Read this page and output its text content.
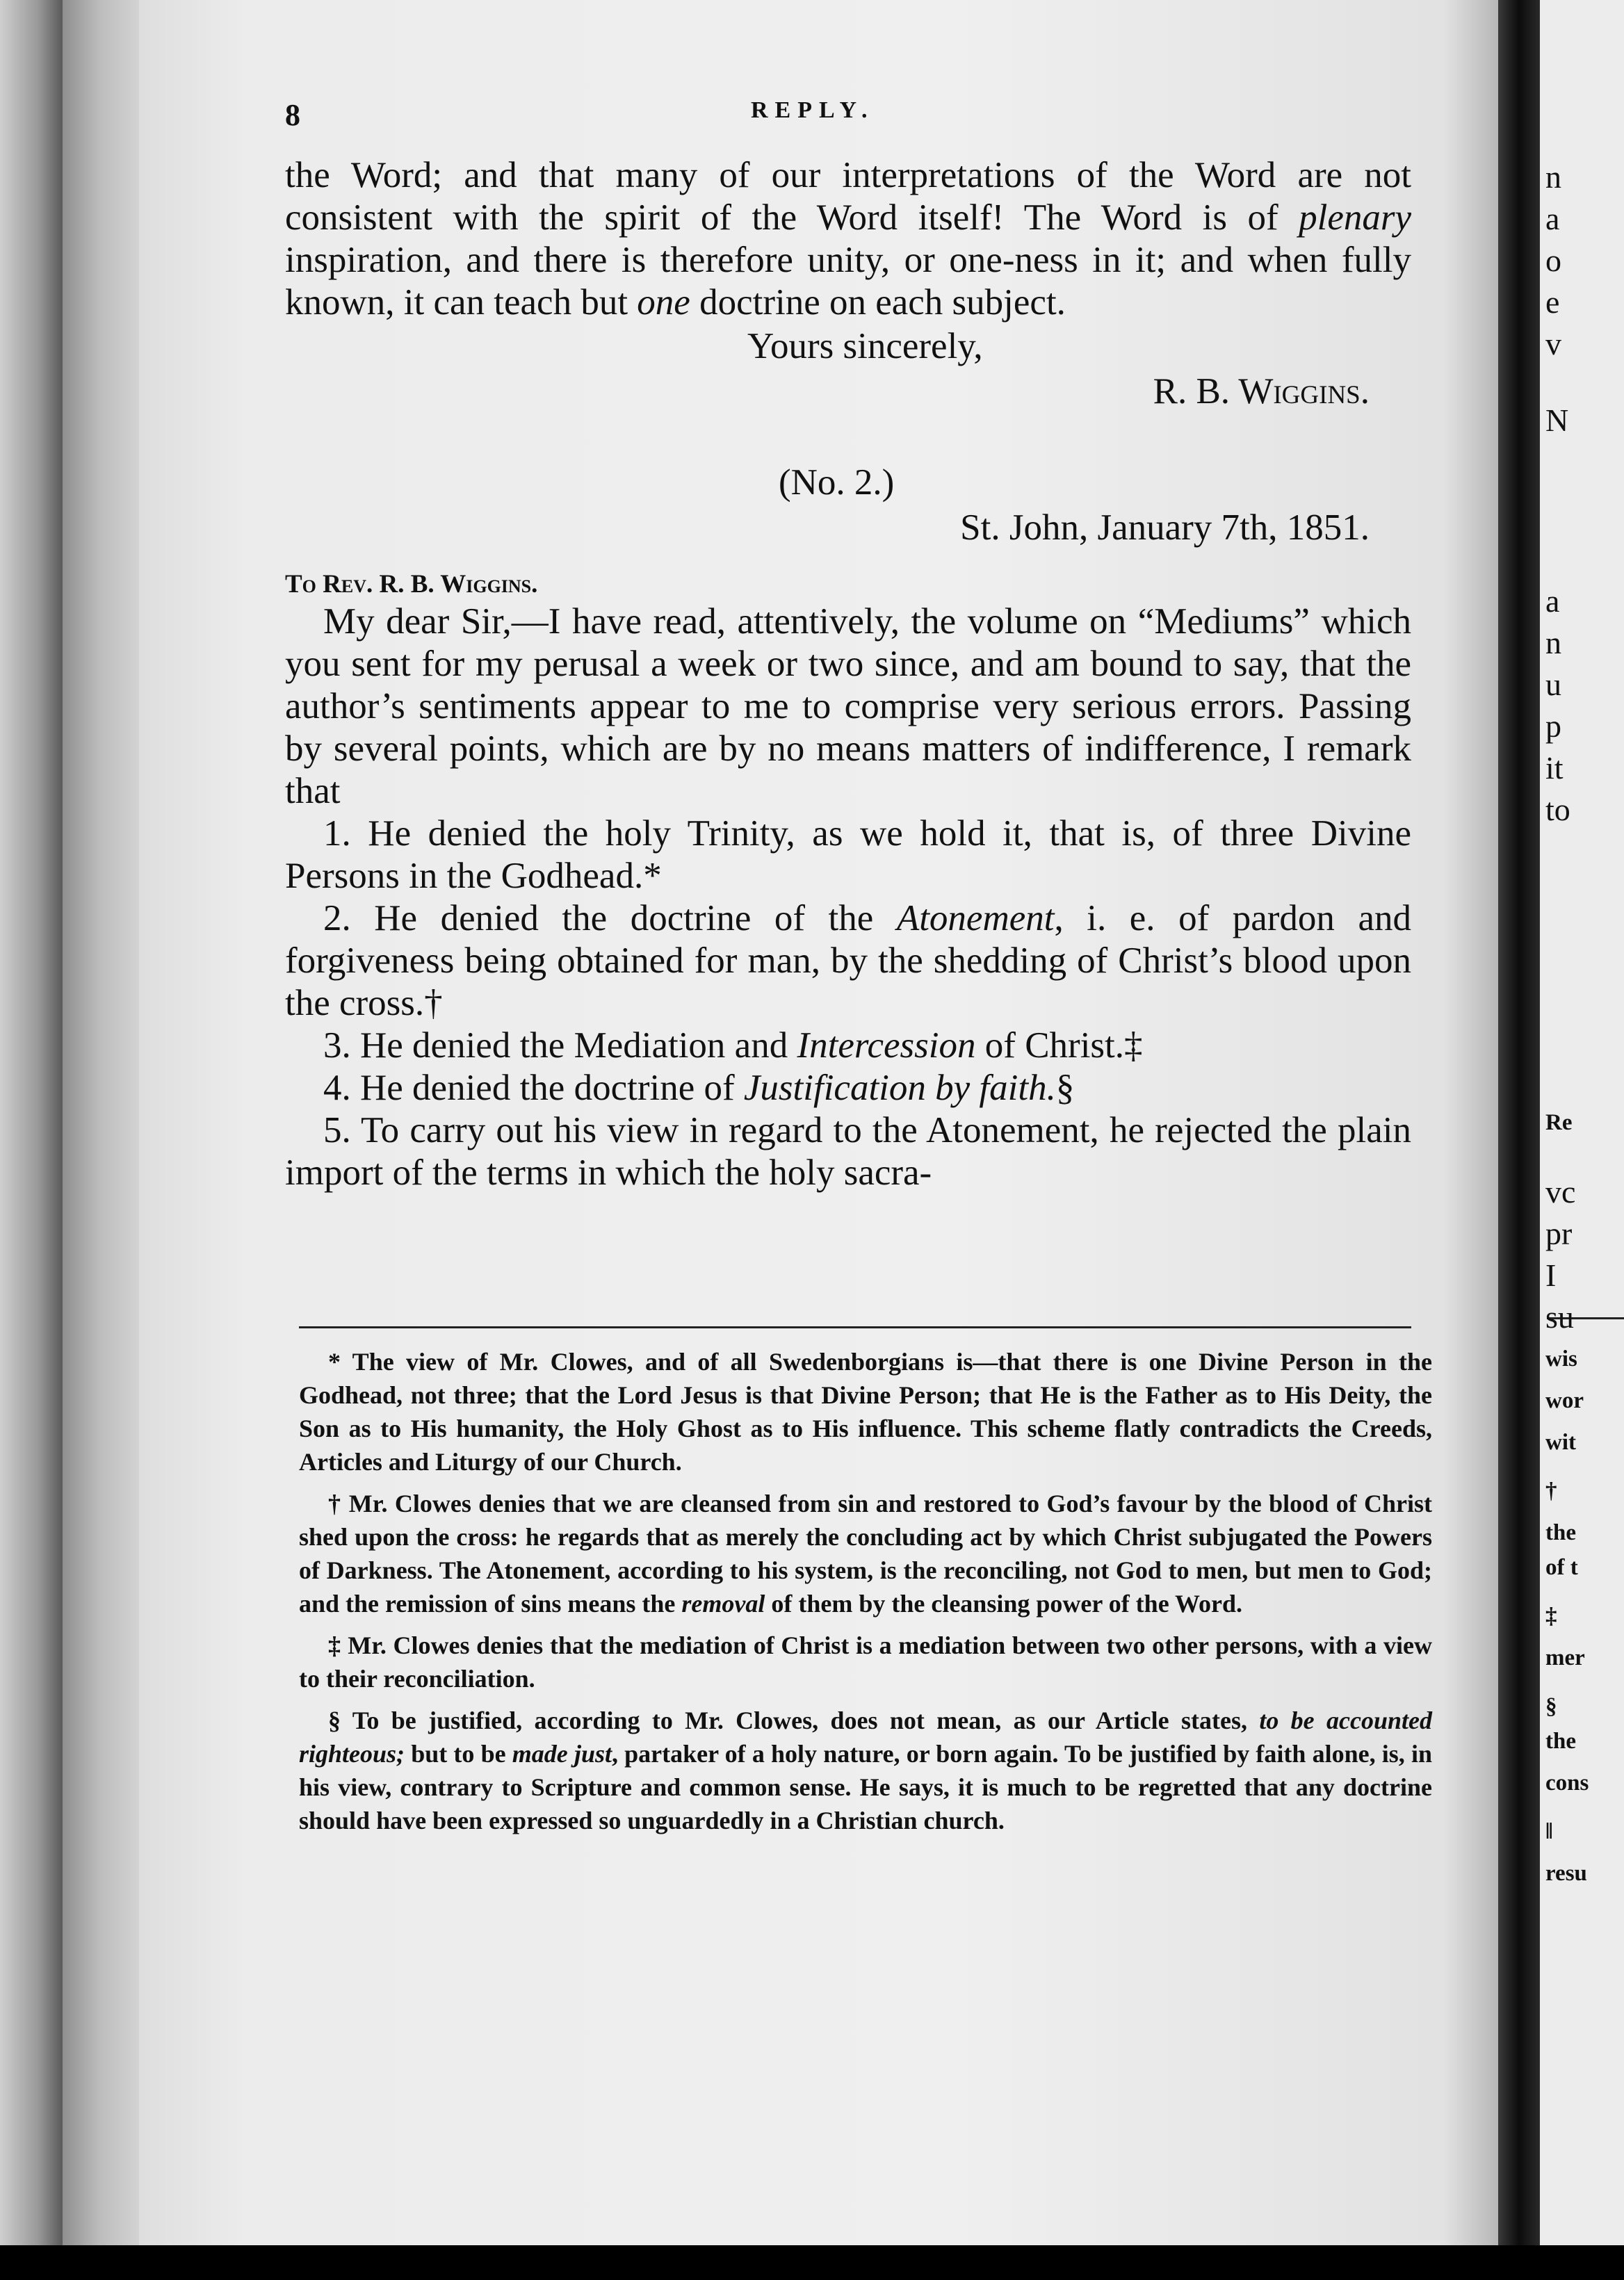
8	REPLY.

the Word; and that many of our interpretations of the Word are not consistent with the spirit of the Word itself! The Word is of plenary inspiration, and there is therefore unity, or one-ness in it; and when fully known, it can teach but one doctrine on each subject.

Yours sincerely,

R. B. Wiggins.

(No. 2.)

St. John, January 7th, 1851.

To Rev. R. B. Wiggins.

My dear Sir,—I have read, attentively, the volume on “Mediums” which you sent for my perusal a week or two since, and am bound to say, that the author’s sentiments appear to me to comprise very serious errors. Passing by several points, which are by no means matters of indifference, I remark that

1. He denied the holy Trinity, as we hold it, that is, of three Divine Persons in the Godhead.*

2. He denied the doctrine of the Atonement, i. e. of pardon and forgiveness being obtained for man, by the shedding of Christ’s blood upon the cross.†

3. He denied the Mediation and Intercession of Christ.‡

4. He denied the doctrine of Justification by faith.§

5. To carry out his view in regard to the Atonement, he rejected the plain import of the terms in which the holy sacra-

* The view of Mr. Clowes, and of all Swedenborgians is—that there is one Divine Person in the Godhead, not three; that the Lord Jesus is that Divine Person; that He is the Father as to His Deity, the Son as to His humanity, the Holy Ghost as to His influence. This scheme flatly contradicts the Creeds, Articles and Liturgy of our Church.

† Mr. Clowes denies that we are cleansed from sin and restored to God’s favour by the blood of Christ shed upon the cross: he regards that as merely the concluding act by which Christ subjugated the Powers of Darkness. The Atonement, according to his system, is the reconciling, not God to men, but men to God; and the remission of sins means the removal of them by the cleansing power of the Word.

‡ Mr. Clowes denies that the mediation of Christ is a mediation between two other persons, with a view to their reconciliation.

§ To be justified, according to Mr. Clowes, does not mean, as our Article states, to be accounted righteous; but to be made just, partaker of a holy nature, or born again. To be justified by faith alone, is, in his view, contrary to Scripture and common sense. He says, it is much to be regretted that any doctrine should have been expressed so unguardedly in a Christian church.

n
a
o
e
v
N
a
n
u
p
it
to
Re
vc
pr
I
su
wis
wor
wit
†
the
of t
‡
mer
§
the
cons
‖
resu
